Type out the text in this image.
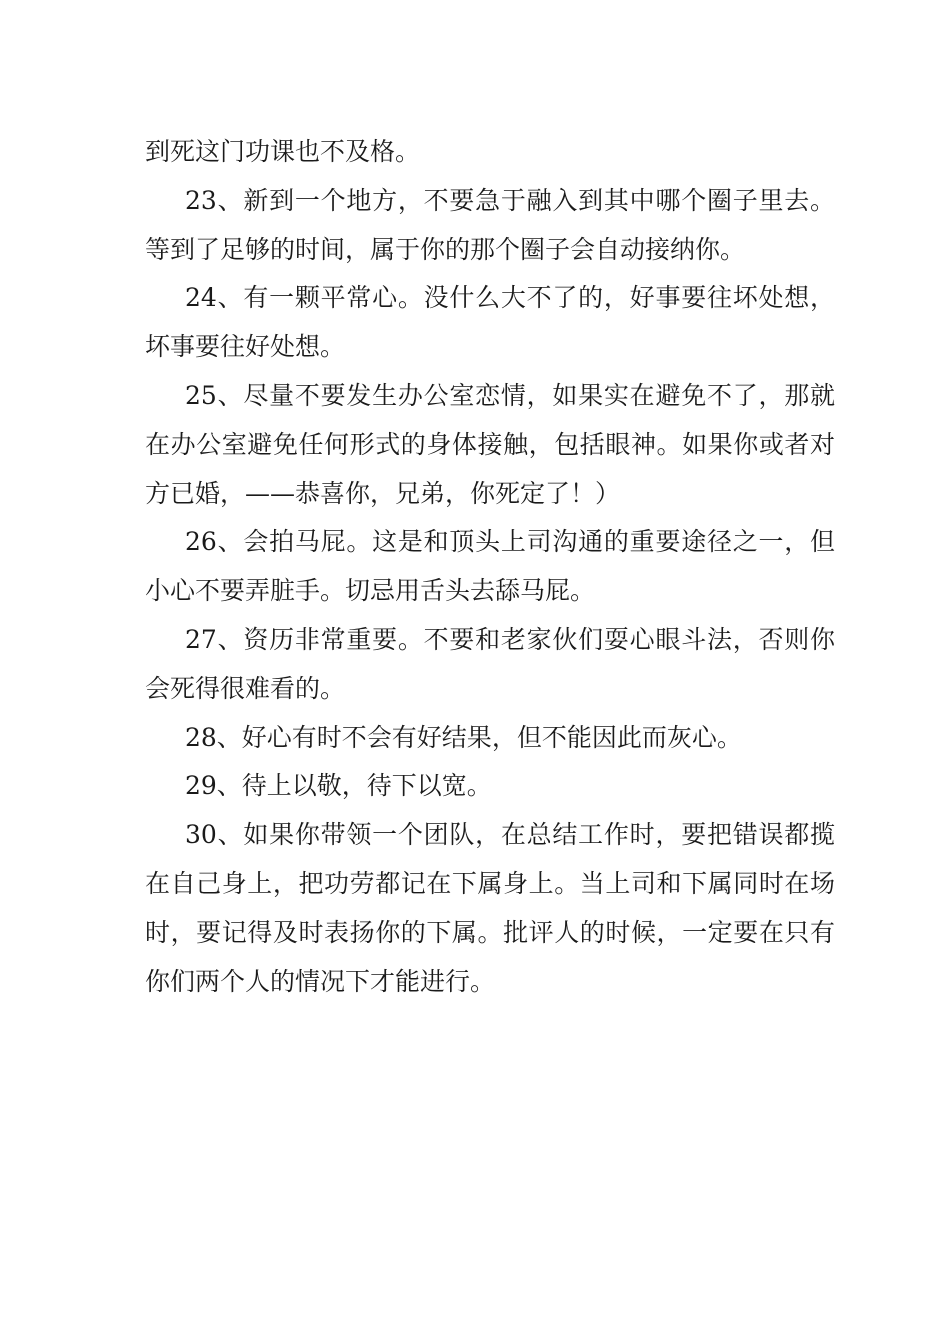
到死这门功课也不及格。

23、新到一个地方，不要急于融入到其中哪个圈子里去。等到了足够的时间，属于你的那个圈子会自动接纳你。

24、有一颗平常心。没什么大不了的，好事要往坏处想，坏事要往好处想。

25、尽量不要发生办公室恋情，如果实在避免不了，那就在办公室避免任何形式的身体接触，包括眼神。如果你或者对方已婚，——恭喜你，兄弟，你死定了！）

26、会拍马屁。这是和顶头上司沟通的重要途径之一，但小心不要弄脏手。切忌用舌头去舔马屁。

27、资历非常重要。不要和老家伙们耍心眼斗法，否则你会死得很难看的。

28、好心有时不会有好结果，但不能因此而灰心。

29、待上以敬，待下以宽。

30、如果你带领一个团队，在总结工作时，要把错误都揽在自己身上，把功劳都记在下属身上。当上司和下属同时在场时，要记得及时表扬你的下属。批评人的时候，一定要在只有你们两个人的情况下才能进行。
